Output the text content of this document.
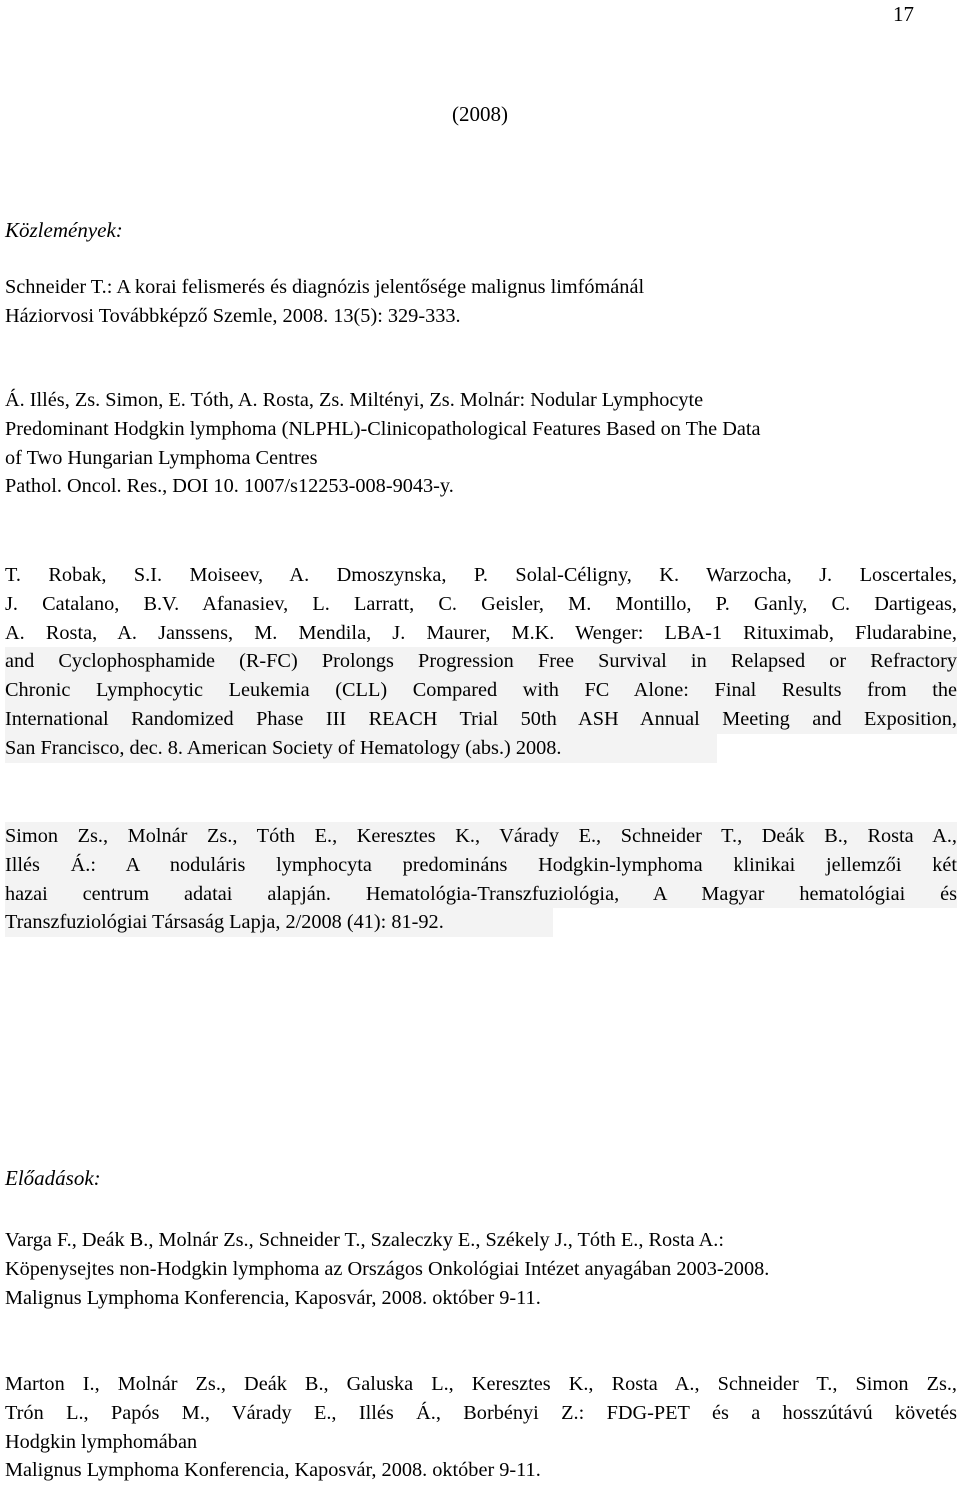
17
(2008)
Közlemények:

Schneider T.: A korai felismerés és diagnózis jelentősége malignus limfómánál
Háziorvosi Továbbképző Szemle, 2008. 13(5): 329-333.

Á. Illés, Zs. Simon, E. Tóth, A. Rosta, Zs. Miltényi, Zs. Molnár: Nodular Lymphocyte
Predominant Hodgkin lymphoma (NLPHL)-Clinicopathological Features Based on The Data
of Two Hungarian Lymphoma Centres
Pathol. Oncol. Res., DOI 10. 1007/s12253-008-9043-y.

T. Robak, S.I. Moiseev, A. Dmoszynska, P. Solal-Céligny, K. Warzocha, J. Loscertales,
J. Catalano, B.V. Afanasiev, L. Larratt, C. Geisler, M. Montillo, P. Ganly, C. Dartigeas,
A. Rosta, A. Janssens, M. Mendila, J. Maurer, M.K. Wenger: LBA-1 Rituximab, Fludarabine,
and Cyclophosphamide (R-FC) Prolongs Progression Free Survival in Relapsed or Refractory
Chronic Lymphocytic Leukemia (CLL) Compared with FC Alone: Final Results from the
International Randomized Phase III REACH Trial 50th ASH Annual Meeting and Exposition,
San Francisco, dec. 8. American Society of Hematology (abs.) 2008.

Simon Zs., Molnár Zs., Tóth E., Keresztes K., Várady E., Schneider T., Deák B., Rosta A.,
Illés Á.: A noduláris lymphocyta predomináns Hodgkin-lymphoma klinikai jellemzői két
hazai centrum adatai alapján. Hematológia-Transzfuziológia, A Magyar hematológiai és
Transzfuziológiai Társaság Lapja, 2/2008 (41): 81-92.

Előadások:

Varga F., Deák B., Molnár Zs., Schneider T., Szaleczky E., Székely J., Tóth E., Rosta A.:
Köpenysejtes non-Hodgkin lymphoma az Országos Onkológiai Intézet anyagában 2003-2008.
Malignus Lymphoma Konferencia, Kaposvár, 2008. október 9-11.

Marton I., Molnár Zs., Deák B., Galuska L., Keresztes K., Rosta A., Schneider T., Simon Zs.,
Trón L., Papós M., Várady E., Illés Á., Borbényi Z.: FDG-PET és a hosszútávú követés
Hodgkin lymphomában
Malignus Lymphoma Konferencia, Kaposvár, 2008. október 9-11.
